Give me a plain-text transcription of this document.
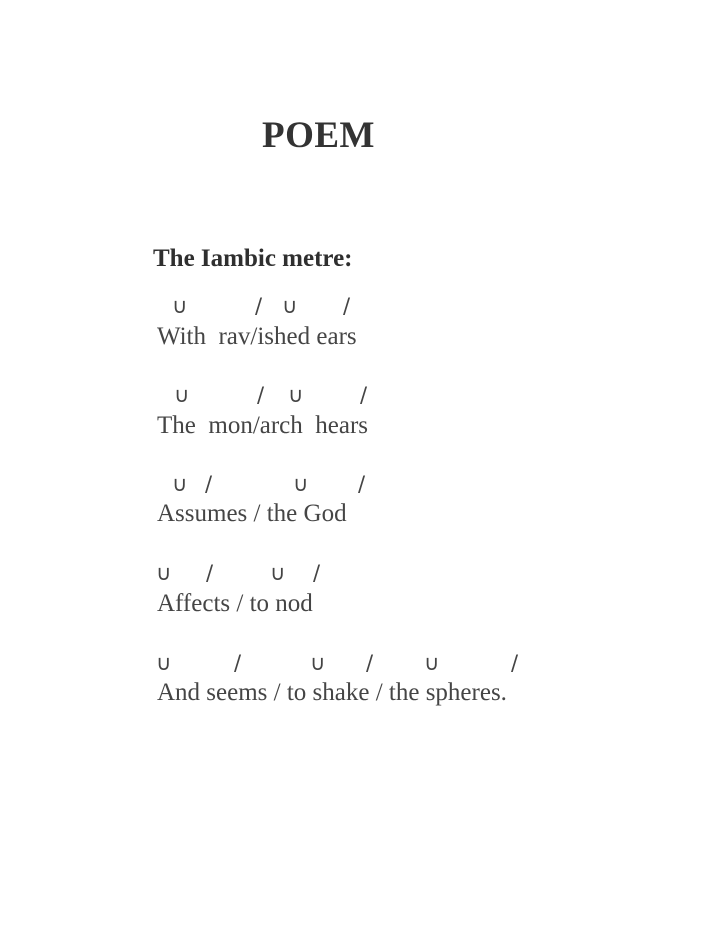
POEM
The Iambic metre:
∪	/ ∪ /
With  rav/ished ears
∪	/ ∪	/
The  mon/arch  hears
∪ /	∪ /
Assumes / the God
∪ /	∪ /
Affects / to nod
∪	/	∪ / ∪	/
And seems / to shake / the spheres.
